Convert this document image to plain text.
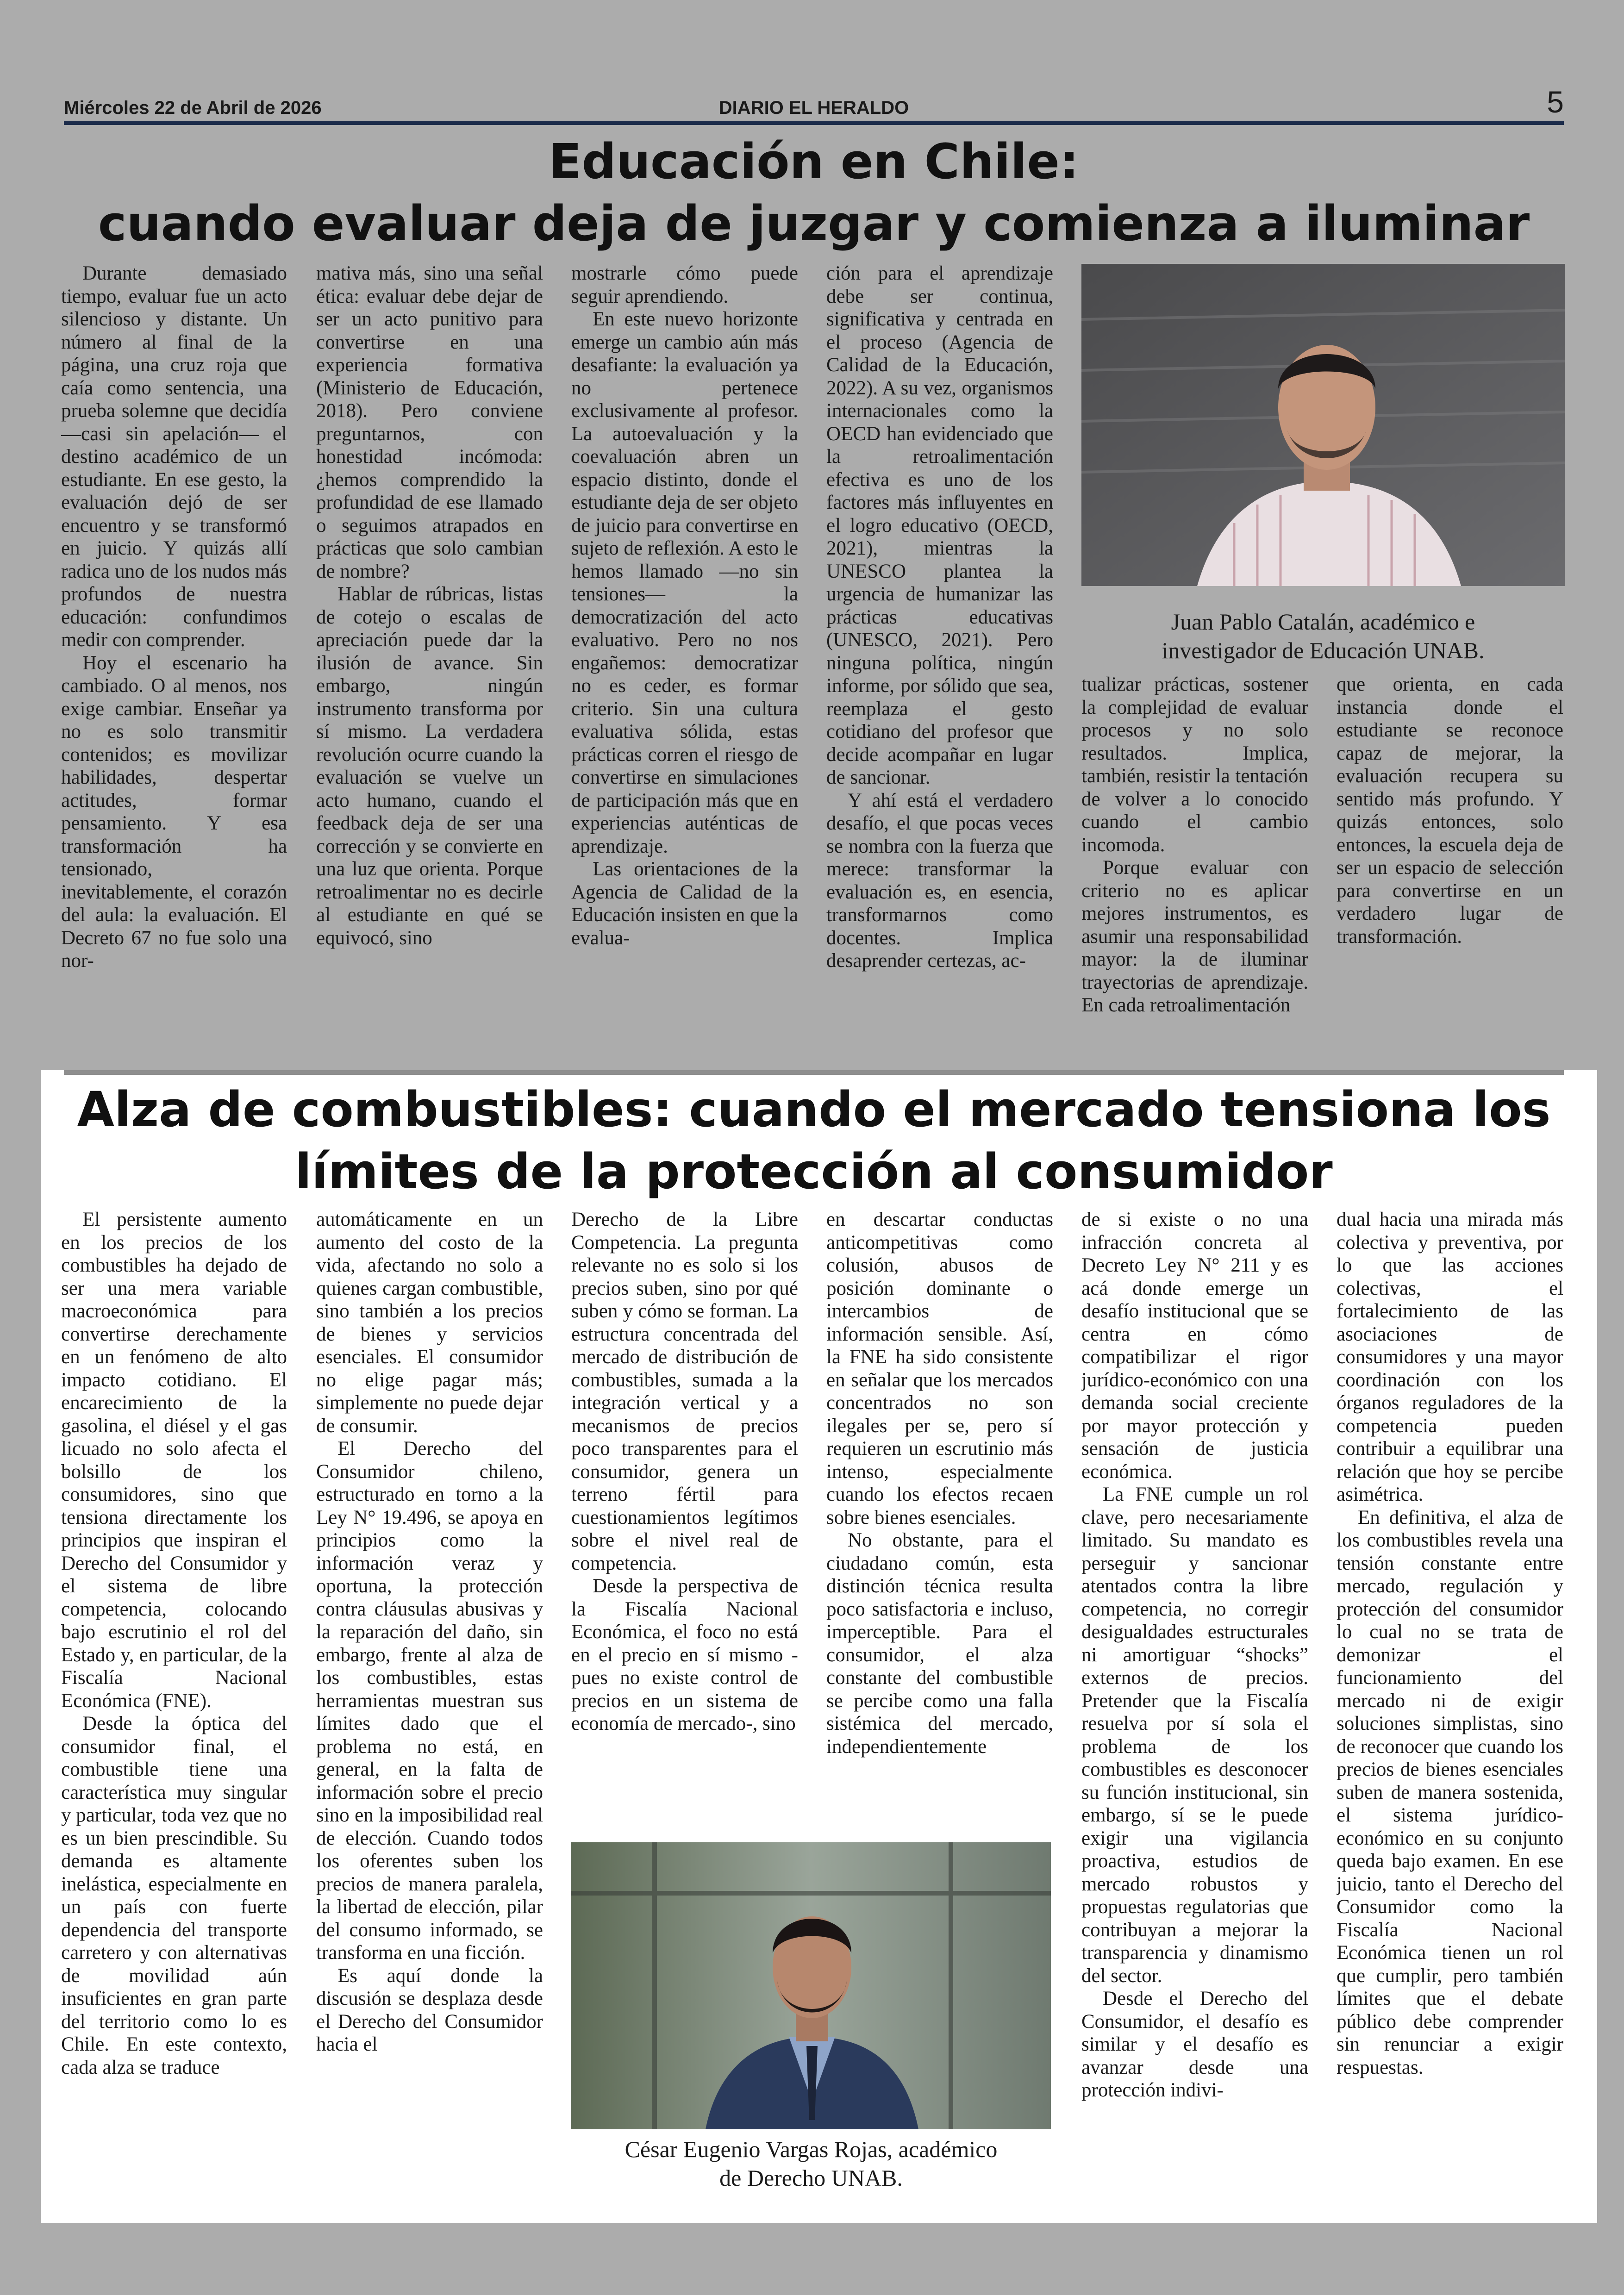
Miércoles 22 de Abril de 2026	DIARIO EL HERALDO	5
Educación en Chile:
cuando evaluar deja de juzgar y comienza a iluminar

Durante demasiado tiempo, evaluar fue un acto silencioso y distante. Un número al final de la página, una cruz roja que caía como sentencia, una prueba solemne que decidía —casi sin apelación— el destino académico de un estudiante. En ese gesto, la evaluación dejó de ser encuentro y se transformó en juicio. Y quizás allí radica uno de los nudos más profundos de nuestra educación: confundimos medir con comprender.

Hoy el escenario ha cambiado. O al menos, nos exige cambiar. Enseñar ya no es solo transmitir contenidos; es movilizar habilidades, despertar actitudes, formar pensamiento. Y esa transformación ha tensionado, inevitablemente, el corazón del aula: la evaluación. El Decreto 67 no fue solo una nor-

mativa más, sino una señal ética: evaluar debe dejar de ser un acto punitivo para convertirse en una experiencia formativa (Ministerio de Educación, 2018). Pero conviene preguntarnos, con honestidad incómoda: ¿hemos comprendido la profundidad de ese llamado o seguimos atrapados en prácticas que solo cambian de nombre?

Hablar de rúbricas, listas de cotejo o escalas de apreciación puede dar la ilusión de avance. Sin embargo, ningún instrumento transforma por sí mismo. La verdadera revolución ocurre cuando la evaluación se vuelve un acto humano, cuando el feedback deja de ser una corrección y se convierte en una luz que orienta. Porque retroalimentar no es decirle al estudiante en qué se equivocó, sino

mostrarle cómo puede seguir aprendiendo.

En este nuevo horizonte emerge un cambio aún más desafiante: la evaluación ya no pertenece exclusivamente al profesor. La autoevaluación y la coevaluación abren un espacio distinto, donde el estudiante deja de ser objeto de juicio para convertirse en sujeto de reflexión. A esto le hemos llamado —no sin tensiones— la democratización del acto evaluativo. Pero no nos engañemos: democratizar no es ceder, es formar criterio. Sin una cultura evaluativa sólida, estas prácticas corren el riesgo de convertirse en simulaciones de participación más que en experiencias auténticas de aprendizaje.

Las orientaciones de la Agencia de Calidad de la Educación insisten en que la evalua-

ción para el aprendizaje debe ser continua, significativa y centrada en el proceso (Agencia de Calidad de la Educación, 2022). A su vez, organismos internacionales como la OECD han evidenciado que la retroalimentación efectiva es uno de los factores más influyentes en el logro educativo (OECD, 2021), mientras la UNESCO plantea la urgencia de humanizar las prácticas educativas (UNESCO, 2021). Pero ninguna política, ningún informe, por sólido que sea, reemplaza el gesto cotidiano del profesor que decide acompañar en lugar de sancionar.

Y ahí está el verdadero desafío, el que pocas veces se nombra con la fuerza que merece: transformar la evaluación es, en esencia, transformarnos como docentes. Implica desaprender certezas, ac-

Juan Pablo Catalán, académico e
investigador de Educación UNAB.

tualizar prácticas, sostener la complejidad de evaluar procesos y no solo resultados. Implica, también, resistir la tentación de volver a lo conocido cuando el cambio incomoda.

Porque evaluar con criterio no es aplicar mejores instrumentos, es asumir una responsabilidad mayor: la de iluminar trayectorias de aprendizaje. En cada retroalimentación

que orienta, en cada instancia donde el estudiante se reconoce capaz de mejorar, la evaluación recupera su sentido más profundo. Y quizás entonces, solo entonces, la escuela deja de ser un espacio de selección para convertirse en un verdadero lugar de transformación.

Alza de combustibles: cuando el mercado tensiona los
límites de la protección al consumidor

El persistente aumento en los precios de los combustibles ha dejado de ser una mera variable macroeconómica para convertirse derechamente en un fenómeno de alto impacto cotidiano. El encarecimiento de la gasolina, el diésel y el gas licuado no solo afecta el bolsillo de los consumidores, sino que tensiona directamente los principios que inspiran el Derecho del Consumidor y el sistema de libre competencia, colocando bajo escrutinio el rol del Estado y, en particular, de la Fiscalía Nacional Económica (FNE).

Desde la óptica del consumidor final, el combustible tiene una característica muy singular y particular, toda vez que no es un bien prescindible. Su demanda es altamente inelástica, especialmente en un país con fuerte dependencia del transporte carretero y con alternativas de movilidad aún insuficientes en gran parte del territorio como lo es Chile. En este contexto, cada alza se traduce

automáticamente en un aumento del costo de la vida, afectando no solo a quienes cargan combustible, sino también a los precios de bienes y servicios esenciales. El consumidor no elige pagar más; simplemente no puede dejar de consumir.

El Derecho del Consumidor chileno, estructurado en torno a la Ley N° 19.496, se apoya en principios como la información veraz y oportuna, la protección contra cláusulas abusivas y la reparación del daño, sin embargo, frente al alza de los combustibles, estas herramientas muestran sus límites dado que el problema no está, en general, en la falta de información sobre el precio sino en la imposibilidad real de elección. Cuando todos los oferentes suben los precios de manera paralela, la libertad de elección, pilar del consumo informado, se transforma en una ficción.

Es aquí donde la discusión se desplaza desde el Derecho del Consumidor hacia el

Derecho de la Libre Competencia. La pregunta relevante no es solo si los precios suben, sino por qué suben y cómo se forman. La estructura concentrada del mercado de distribución de combustibles, sumada a la integración vertical y a mecanismos de precios poco transparentes para el consumidor, genera un terreno fértil para cuestionamientos legítimos sobre el nivel real de competencia.

Desde la perspectiva de la Fiscalía Nacional Económica, el foco no está en el precio en sí mismo -pues no existe control de precios en un sistema de economía de mercado-, sino

en descartar conductas anticompetitivas como colusión, abusos de posición dominante o intercambios de información sensible. Así, la FNE ha sido consistente en señalar que los mercados concentrados no son ilegales per se, pero sí requieren un escrutinio más intenso, especialmente cuando los efectos recaen sobre bienes esenciales.

No obstante, para el ciudadano común, esta distinción técnica resulta poco satisfactoria e incluso, imperceptible. Para el consumidor, el alza constante del combustible se percibe como una falla sistémica del mercado, independientemente

César Eugenio Vargas Rojas, académico
de Derecho UNAB.

de si existe o no una infracción concreta al Decreto Ley N° 211 y es acá donde emerge un desafío institucional que se centra en cómo compatibilizar el rigor jurídico-económico con una demanda social creciente por mayor protección y sensación de justicia económica.

La FNE cumple un rol clave, pero necesariamente limitado. Su mandato es perseguir y sancionar atentados contra la libre competencia, no corregir desigualdades estructurales ni amortiguar “shocks” externos de precios. Pretender que la Fiscalía resuelva por sí sola el problema de los combustibles es desconocer su función institucional, sin embargo, sí se le puede exigir una vigilancia proactiva, estudios de mercado robustos y propuestas regulatorias que contribuyan a mejorar la transparencia y dinamismo del sector.

Desde el Derecho del Consumidor, el desafío es similar y el desafío es avanzar desde una protección indivi-

dual hacia una mirada más colectiva y preventiva, por lo que las acciones colectivas, el fortalecimiento de las asociaciones de consumidores y una mayor coordinación con los órganos reguladores de la competencia pueden contribuir a equilibrar una relación que hoy se percibe asimétrica.

En definitiva, el alza de los combustibles revela una tensión constante entre mercado, regulación y protección del consumidor lo cual no se trata de demonizar el funcionamiento del mercado ni de exigir soluciones simplistas, sino de reconocer que cuando los precios de bienes esenciales suben de manera sostenida, el sistema jurídico-económico en su conjunto queda bajo examen. En ese juicio, tanto el Derecho del Consumidor como la Fiscalía Nacional Económica tienen un rol que cumplir, pero también límites que el debate público debe comprender sin renunciar a exigir respuestas.
